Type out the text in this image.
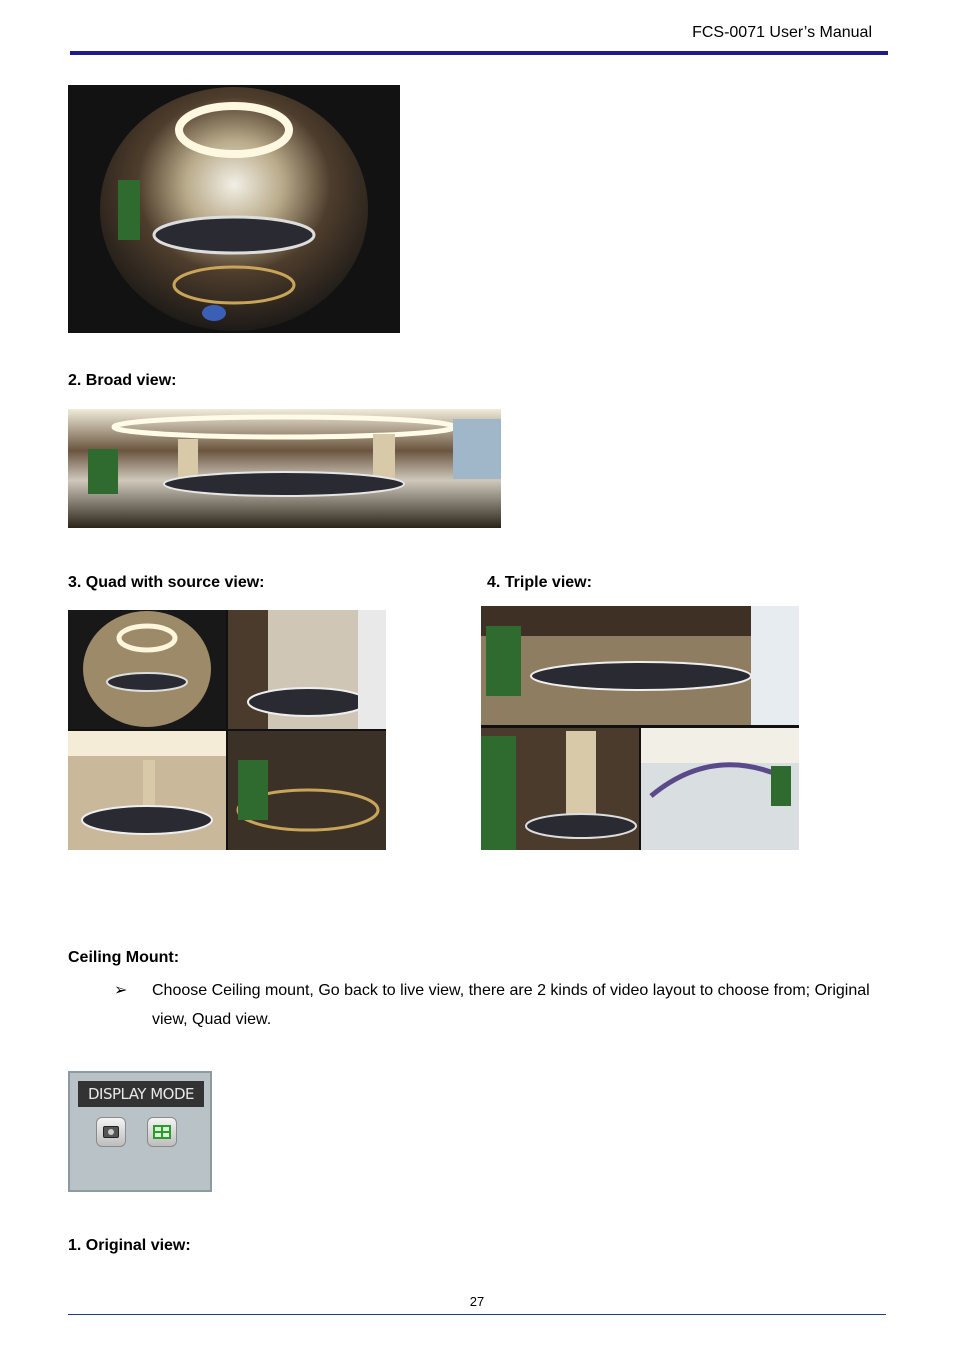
FCS-0071 User’s Manual
2. Broad view:
3. Quad with source view:	4. Triple view:
Ceiling Mount:
➢ Choose Ceiling mount, Go back to live view, there are 2 kinds of video layout to choose from; Original view, Quad view.
DISPLAY MODE
1. Original view:
27
